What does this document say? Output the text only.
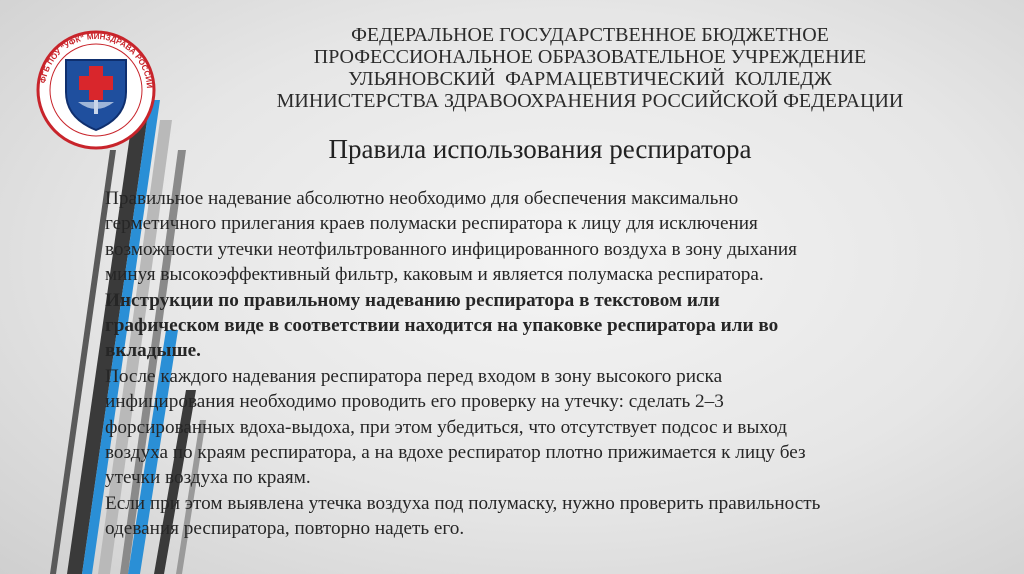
ФГБ ПОУ "УФК" МИНЗДРАВА РОССИИ
ФЕДЕРАЛЬНОЕ ГОСУДАРСТВЕННОЕ БЮДЖЕТНОЕ
ПРОФЕССИОНАЛЬНОЕ ОБРАЗОВАТЕЛЬНОЕ УЧРЕЖДЕНИЕ
УЛЬЯНОВСКИЙ  ФАРМАЦЕВТИЧЕСКИЙ  КОЛЛЕДЖ
МИНИСТЕРСТВА ЗДРАВООХРАНЕНИЯ РОССИЙСКОЙ ФЕДЕРАЦИИ
Правила использования респиратора
Правильное надевание абсолютно необходимо для обеспечения максимально
герметичного прилегания краев полумаски респиратора к лицу для исключения
возможности утечки неотфильтрованного инфицированного воздуха в зону дыхания
минуя высокоэффективный фильтр, каковым и является полумаска респиратора.
Инструкции по правильному надеванию респиратора в текстовом или
графическом виде в соответствии находится на упаковке респиратора или во
вкладыше.
После каждого надевания респиратора перед входом в зону высокого риска
инфицирования необходимо проводить его проверку на утечку: сделать 2–3
форсированных вдоха-выдоха, при этом убедиться, что отсутствует подсос и выход
воздуха по краям респиратора, а на вдохе респиратор плотно прижимается к лицу без
утечки воздуха по краям.
Если при этом выявлена утечка воздуха под полумаску, нужно проверить правильность
одевания респиратора, повторно надеть его.
